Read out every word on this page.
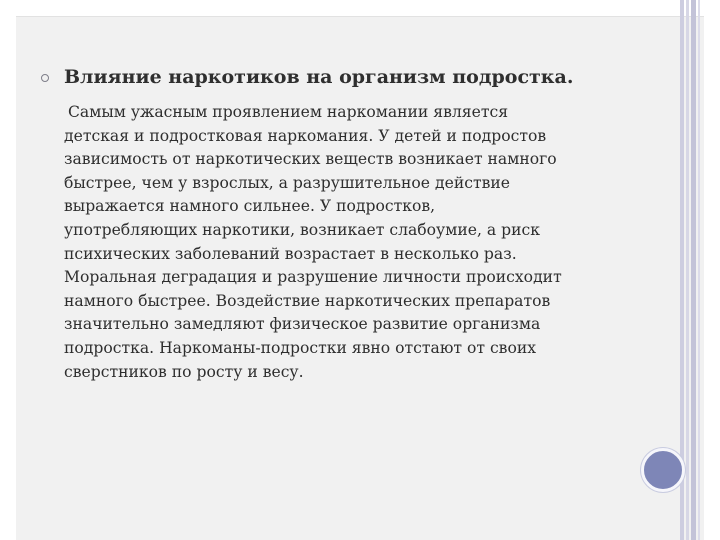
Влияние наркотиков на организм подростка.

Самым ужасным проявлением наркомании является
детская и подростковая наркомания. У детей и подростов
зависимость от наркотических веществ возникает намного
быстрее, чем у взрослых, а разрушительное действие
выражается намного сильнее. У подростков,
употребляющих наркотики, возникает слабоумие, а риск
психических заболеваний возрастает в несколько раз.
Моральная деградация и разрушение личности происходит
намного быстрее. Воздействие наркотических препаратов
значительно замедляют физическое развитие организма
подростка. Наркоманы-подростки явно отстают от своих
сверстников по росту и весу.
